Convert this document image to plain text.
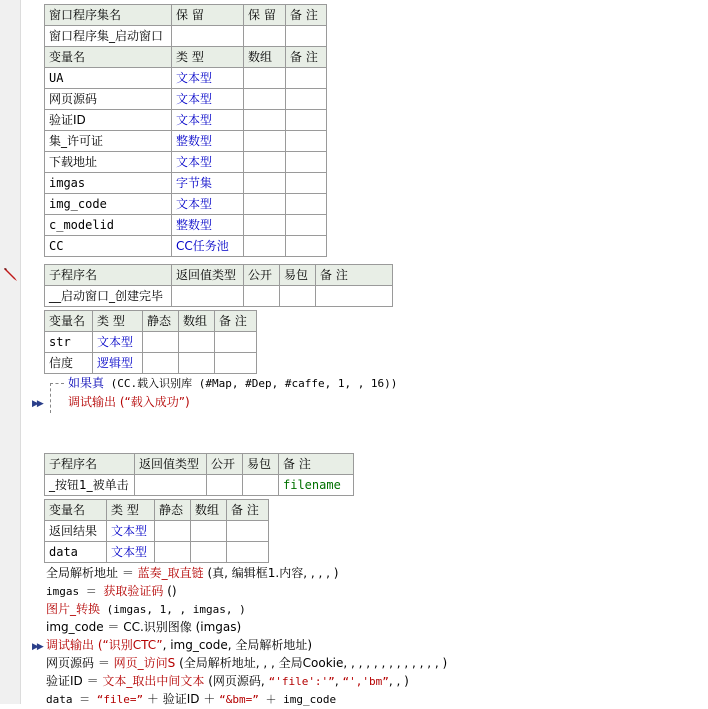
窗口程序集名	保 留	保 留	备 注
窗口程序集_启动窗口			
变量名	类 型	数组	备 注
UA	文本型		
网页源码	文本型		
验证ID	文本型		
集_许可证	整数型		
下载地址	文本型		
imgas	字节集		
img_code	文本型		
c_modelid	整数型		
CC	CC任务池		
子程序名	返回值类型	公开	易包	备 注
__启动窗口_创建完毕				
变量名	类 型	静态	数组	备 注
str	文本型			
信度	逻辑型			
如果真 (CC.载入识别库 (#Map, #Dep, #caffe, 1, , 16))
▶▶ 调试输出 (“载入成功”)
子程序名	返回值类型	公开	易包	备 注
_按钮1_被单击				filename
变量名	类 型	静态	数组	备 注
返回结果	文本型			
data	文本型			
全局解析地址 ＝ 蓝奏_取直链 (真, 编辑框1.内容, , , , )
imgas ＝ 获取验证码 ()
图片_转换 (imgas, 1, , imgas, )
img_code ＝ CC.识别图像 (imgas)
▶▶ 调试输出 (“识别CTC”, img_code, 全局解析地址)
网页源码 ＝ 网页_访问S (全局解析地址, , , 全局Cookie, , , , , , , , , , , , , )
验证ID ＝ 文本_取出中间文本 (网页源码, “'file':'”, “','bm”, , )
data ＝ “file=” ＋ 验证ID ＋ “&bm=” ＋ img_code
